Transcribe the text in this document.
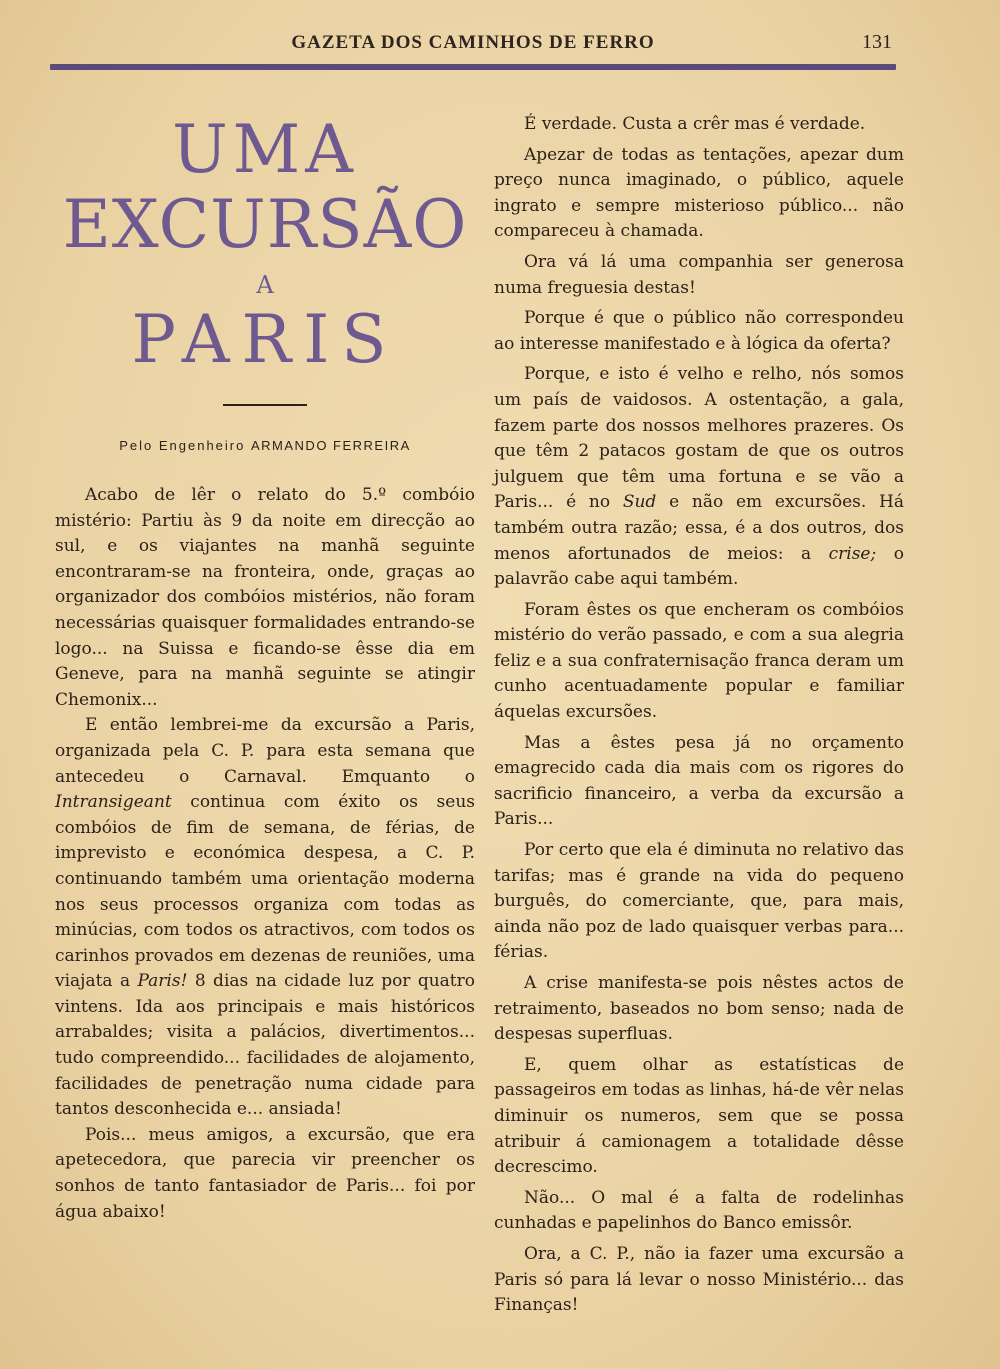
GAZETA DOS CAMINHOS DE FERRO	131
UMA
EXCURSÃO
A
PARIS
Pelo Engenheiro ARMANDO FERREIRA

Acabo de lêr o relato do 5.º combóio mistério: Partiu às 9 da noite em direcção ao sul, e os viajantes na manhã seguinte encontraram-se na fronteira, onde, graças ao organizador dos combóios mistérios, não foram necessárias quaisquer formalidades entrando-se logo... na Suissa e ficando-se êsse dia em Geneve, para na manhã seguinte se atingir Chemonix...

E então lembrei-me da excursão a Paris, organizada pela C. P. para esta semana que antecedeu o Carnaval. Emquanto o Intransigeant continua com éxito os seus combóios de fim de semana, de férias, de imprevisto e económica despesa, a C. P. continuando também uma orientação moderna nos seus processos organiza com todas as minúcias, com todos os atractivos, com todos os carinhos provados em dezenas de reuniões, uma viajata a Paris! 8 dias na cidade luz por quatro vintens. Ida aos principais e mais históricos arrabaldes; visita a palácios, divertimentos... tudo compreendido... facilidades de alojamento, facilidades de penetração numa cidade para tantos desconhecida e... ansiada!

Pois... meus amigos, a excursão, que era apetecedora, que parecia vir preencher os sonhos de tanto fantasiador de Paris... foi por água abaixo!

É verdade. Custa a crêr mas é verdade.

Apezar de todas as tentações, apezar dum preço nunca imaginado, o público, aquele ingrato e sempre misterioso público... não compareceu à chamada.

Ora vá lá uma companhia ser generosa numa freguesia destas!

Porque é que o público não correspondeu ao interesse manifestado e à lógica da oferta?

Porque, e isto é velho e relho, nós somos um país de vaidosos. A ostentação, a gala, fazem parte dos nossos melhores prazeres. Os que têm 2 patacos gostam de que os outros julguem que têm uma fortuna e se vão a Paris... é no Sud e não em excursões. Há também outra razão; essa, é a dos outros, dos menos afortunados de meios: a crise; o palavrão cabe aqui também.

Foram êstes os que encheram os combóios mistério do verão passado, e com a sua alegria feliz e a sua confraternisação franca deram um cunho acentuadamente popular e familiar áquelas excursões.

Mas a êstes pesa já no orçamento emagrecido cada dia mais com os rigores do sacrificio financeiro, a verba da excursão a Paris...

Por certo que ela é diminuta no relativo das tarifas; mas é grande na vida do pequeno burguês, do comerciante, que, para mais, ainda não poz de lado quaisquer verbas para... férias.

A crise manifesta-se pois nêstes actos de retraimento, baseados no bom senso; nada de despesas superfluas.

E, quem olhar as estatísticas de passageiros em todas as linhas, há-de vêr nelas diminuir os numeros, sem que se possa atribuir á camionagem a totalidade dêsse decrescimo.

Não... O mal é a falta de rodelinhas cunhadas e papelinhos do Banco emissôr.

Ora, a C. P., não ia fazer uma excursão a Paris só para lá levar o nosso Ministério... das Finanças!
